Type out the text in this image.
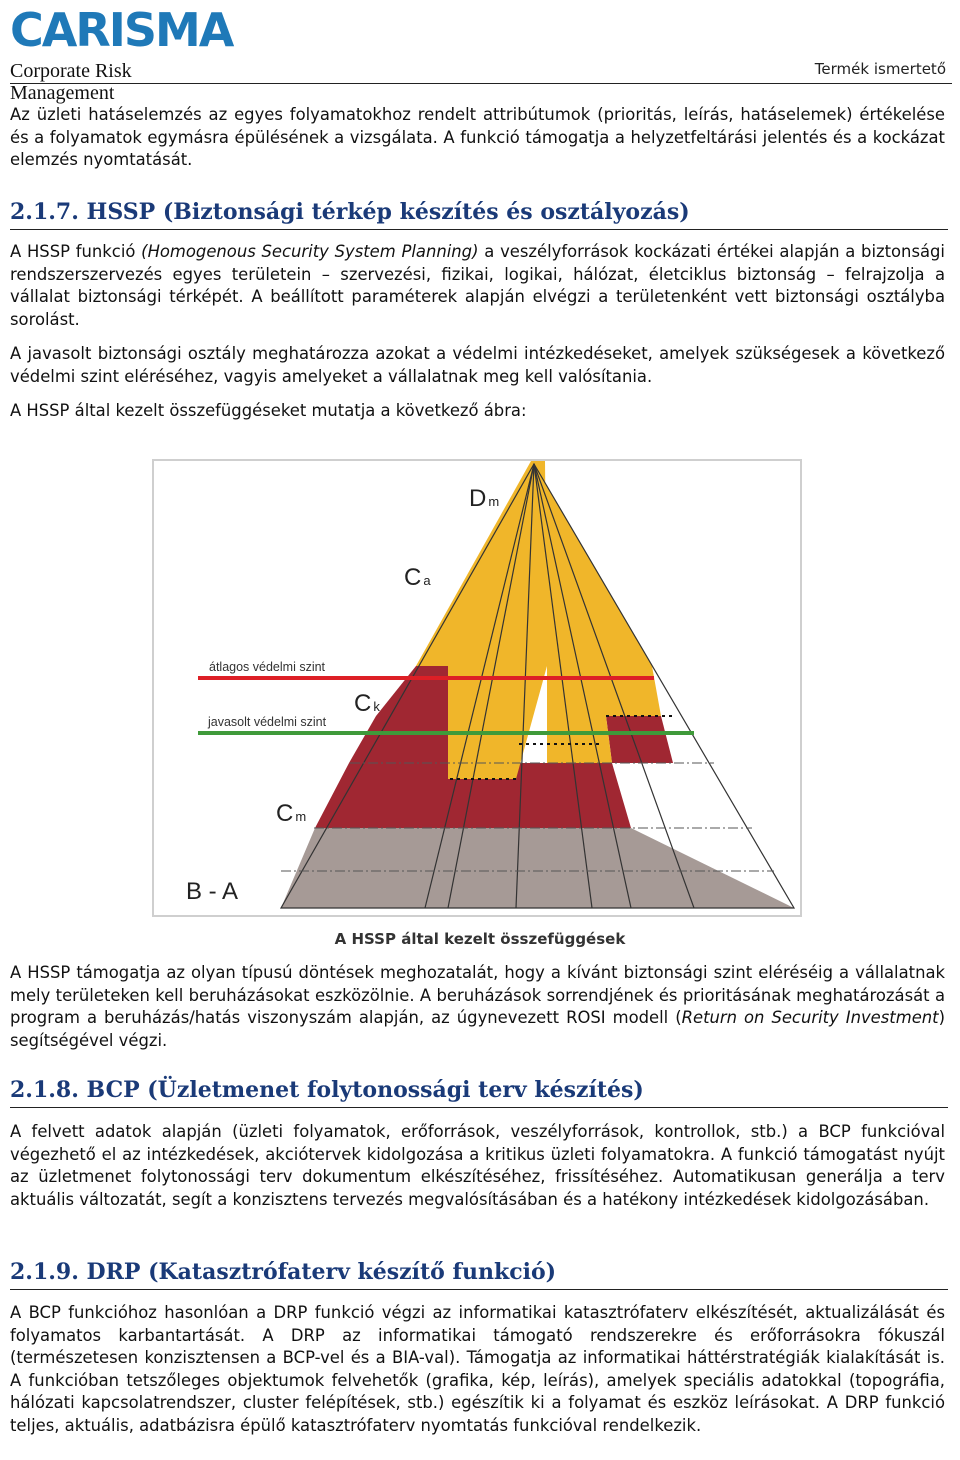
CARISMA
Corporate Risk Management
Termék ismertető

Az üzleti hatáselemzés az egyes folyamatokhoz rendelt attribútumok (prioritás, leírás, hatáselemek) értékelése és a folyamatok egymásra épülésének a vizsgálata. A funkció támogatja a helyzetfeltárási jelentés és a kockázat elemzés nyomtatását.

2.1.7. HSSP (Biztonsági térkép készítés és osztályozás)

A HSSP funkció (Homogenous Security System Planning) a veszélyforrások kockázati értékei alapján a biztonsági rendszerszervezés egyes területein – szervezési, fizikai, logikai, hálózat, életciklus biztonság – felrajzolja a vállalat biztonsági térképét. A beállított paraméterek alapján elvégzi a területenként vett biztonsági osztályba sorolást.

A javasolt biztonsági osztály meghatározza azokat a védelmi intézkedéseket, amelyek szükségesek a következő védelmi szint eléréséhez, vagyis amelyeket a vállalatnak meg kell valósítania.

A HSSP által kezelt összefüggéseket mutatja a következő ábra:

Dm
Ca
Ck
Cm
B - A
átlagos védelmi szint
javasolt védelmi szint
A HSSP által kezelt összefüggések

A HSSP támogatja az olyan típusú döntések meghozatalát, hogy a kívánt biztonsági szint eléréséig a vállalatnak mely területeken kell beruházásokat eszközölnie. A beruházások sorrendjének és prioritásának meghatározását a program a beruházás/hatás viszonyszám alapján, az úgynevezett ROSI modell (Return on Security Investment) segítségével végzi.

2.1.8. BCP (Üzletmenet folytonossági terv készítés)

A felvett adatok alapján (üzleti folyamatok, erőforrások, veszélyforrások, kontrollok, stb.) a BCP funkcióval végezhető el az intézkedések, akciótervek kidolgozása a kritikus üzleti folyamatokra. A funkció támogatást nyújt az üzletmenet folytonossági terv dokumentum elkészítéséhez, frissítéséhez. Automatikusan generálja a terv aktuális változatát, segít a konzisztens tervezés megvalósításában és a hatékony intézkedések kidolgozásában.

2.1.9. DRP (Katasztrófaterv készítő funkció)

A BCP funkcióhoz hasonlóan a DRP funkció végzi az informatikai katasztrófaterv elkészítését, aktualizálását és folyamatos karbantartását. A DRP az informatikai támogató rendszerekre és erőforrásokra fókuszál (természetesen konzisztensen a BCP-vel és a BIA-val). Támogatja az informatikai háttérstratégiák kialakítását is. A funkcióban tetszőleges objektumok felvehetők (grafika, kép, leírás), amelyek speciális adatokkal (topográfia, hálózati kapcsolatrendszer, cluster felépítések, stb.) egészítik ki a folyamat és eszköz leírásokat. A DRP funkció teljes, aktuális, adatbázisra épülő katasztrófaterv nyomtatás funkcióval rendelkezik.
